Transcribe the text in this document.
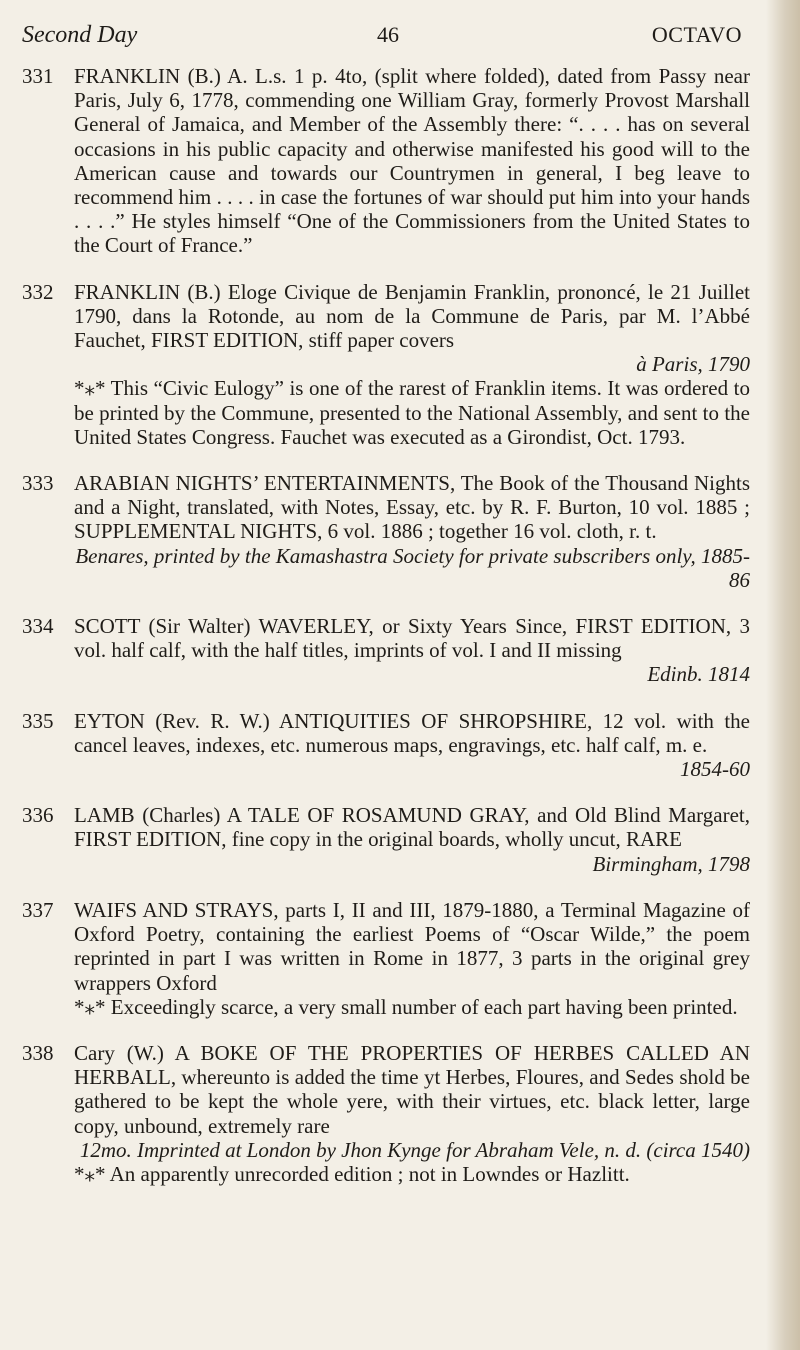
Second Day	46	OCTAVO
331 FRANKLIN (B.) A. L.s. 1 p. 4to, (split where folded), dated from Passy near Paris, July 6, 1778, commending one William Gray, formerly Provost Marshall General of Jamaica, and Member of the Assembly there: “. . . . has on several occasions in his public capacity and otherwise manifested his good will to the American cause and towards our Countrymen in general, I beg leave to recommend him . . . . in case the fortunes of war should put him into your hands . . . .” He styles himself “One of the Commissioners from the United States to the Court of France.”

332 FRANKLIN (B.) Eloge Civique de Benjamin Franklin, prononcé, le 21 Juillet 1790, dans la Rotonde, au nom de la Commune de Paris, par M. l’Abbé Fauchet, FIRST EDITION, stiff paper covers

à Paris, 1790

*⁎* This “Civic Eulogy” is one of the rarest of Franklin items. It was ordered to be printed by the Commune, presented to the National Assembly, and sent to the United States Congress. Fauchet was executed as a Girondist, Oct. 1793.

333 ARABIAN NIGHTS’ ENTERTAINMENTS, The Book of the Thousand Nights and a Night, translated, with Notes, Essay, etc. by R. F. Burton, 10 vol. 1885 ; SUPPLEMENTAL NIGHTS, 6 vol. 1886 ; together 16 vol. cloth, r. t.

Benares, printed by the Kamashastra Society for private subscribers only, 1885-86

334 SCOTT (Sir Walter) WAVERLEY, or Sixty Years Since, FIRST EDITION, 3 vol. half calf, with the half titles, imprints of vol. I and II missing

Edinb. 1814

335 EYTON (Rev. R. W.) ANTIQUITIES OF SHROPSHIRE, 12 vol. with the cancel leaves, indexes, etc. numerous maps, engravings, etc. half calf, m. e.

1854-60

336 LAMB (Charles) A TALE OF ROSAMUND GRAY, and Old Blind Margaret, FIRST EDITION, fine copy in the original boards, wholly uncut, RARE

Birmingham, 1798

337 WAIFS AND STRAYS, parts I, II and III, 1879-1880, a Terminal Magazine of Oxford Poetry, containing the earliest Poems of “Oscar Wilde,” the poem reprinted in part I was written in Rome in 1877, 3 parts in the original grey wrappers Oxford

*⁎* Exceedingly scarce, a very small number of each part having been printed.

338 Cary (W.) A BOKE OF THE PROPERTIES OF HERBES CALLED AN HERBALL, whereunto is added the time yt Herbes, Floures, and Sedes shold be gathered to be kept the whole yere, with their virtues, etc. black letter, large copy, unbound, extremely rare

12mo. Imprinted at London by Jhon Kynge for Abraham Vele, n. d. (circa 1540)

*⁎* An apparently unrecorded edition ; not in Lowndes or Hazlitt.
